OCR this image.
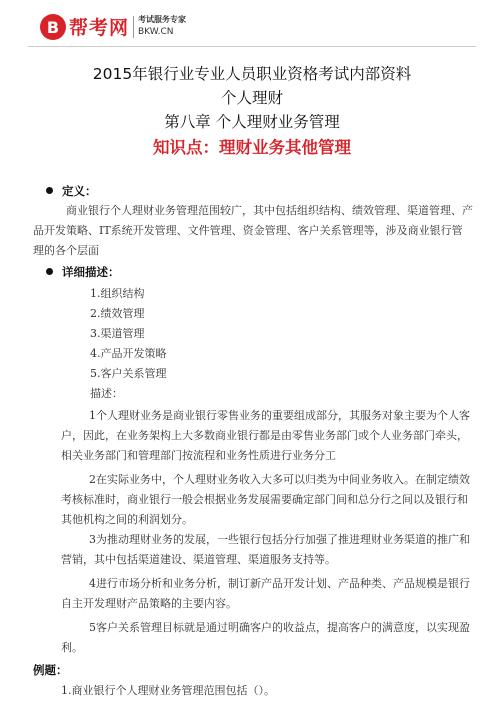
B 帮考网 考试服务专家
BKW.CN
2015年银行业专业人员职业资格考试内部资料
个人理财
第八章 个人理财业务管理
知识点：理财业务其他管理
定义：
商业银行个人理财业务管理范围较广，其中包括组织结构、绩效管理、渠道管理、产品开发策略、IT系统开发管理、文件管理、资金管理、客户关系管理等，涉及商业银行管理的各个层面
详细描述：
1.组织结构
2.绩效管理
3.渠道管理
4.产品开发策略
5.客户关系管理
描述：
1个人理财业务是商业银行零售业务的重要组成部分，其服务对象主要为个人客户，因此，在业务架构上大多数商业银行都是由零售业务部门或个人业务部门牵头，相关业务部门和管理部门按流程和业务性质进行业务分工
2在实际业务中，个人理财业务收入大多可以归类为中间业务收入。在制定绩效考核标准时，商业银行一般会根据业务发展需要确定部门间和总分行之间以及银行和其他机构之间的利润划分。
3为推动理财业务的发展，一些银行包括分行加强了推进理财业务渠道的推广和营销，其中包括渠道建设、渠道管理、渠道服务支持等。
4进行市场分析和业务分析，制订新产品开发计划、产品种类、产品规模是银行自主开发理财产品策略的主要内容。
5客户关系管理目标就是通过明确客户的收益点，提高客户的满意度，以实现盈利。
例题：
1.商业银行个人理财业务管理范围包括（）。
